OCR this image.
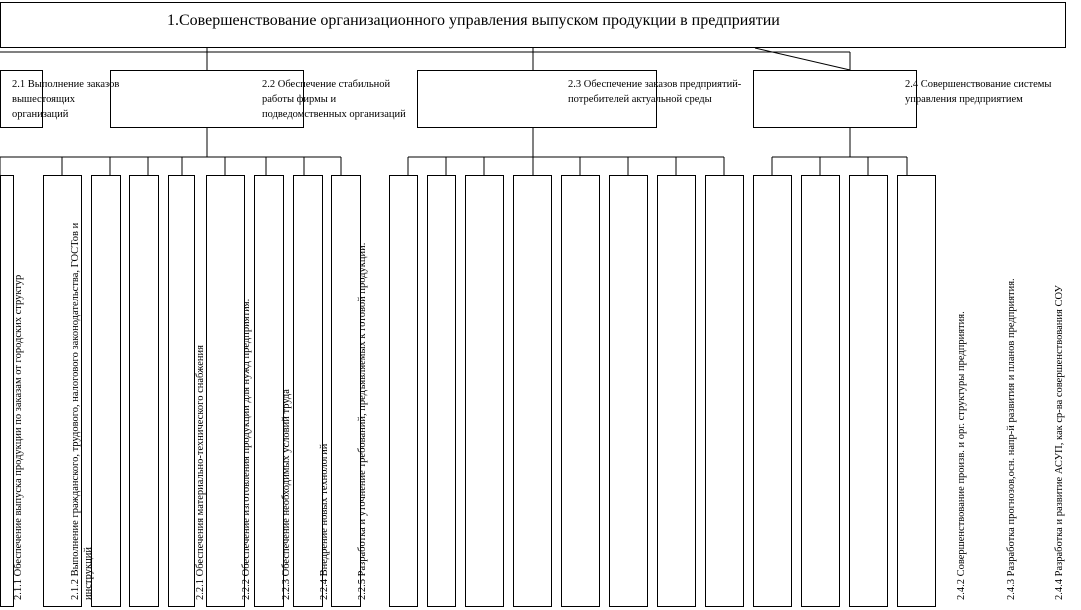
1.Совершенствование организационного управления выпуском продукции в предприятии
2.1 Выполнение заказов вышестоящих организаций
2.2 Обеспечение стабильной работы фирмы и подведомственных организаций
2.3 Обеспечение заказов предприятий-потребителей актуальной среды
2.4 Совершенствование системы управления предприятием
2.1.1 Обеспечение выпуска продукции по заказам от городских структур	2.1.2 Выполнение гражданского, трудового, налогового законодательства, ГОСТов и инструкций	2.2.1 Обеспечения материально-технического снабжения	2.2.2 Обеспечение изготовления продукции для нужд предприятия.	2.2.3 Обеспечение необходимых условий труда	2.2.4 Внедрение новых технологий	2.2.5 Разработка и уточнение требований, предъявляемых к готовой продукции.	2.4.2 Совершенствование произв. и орг. структуры предприятия.	2.4.3 Разработка прогнозов,осн. напр-й развития и планов предприятия.	2.4.4 Разработка и развитие АСУП, как ср-ва совершенствования СОУ
